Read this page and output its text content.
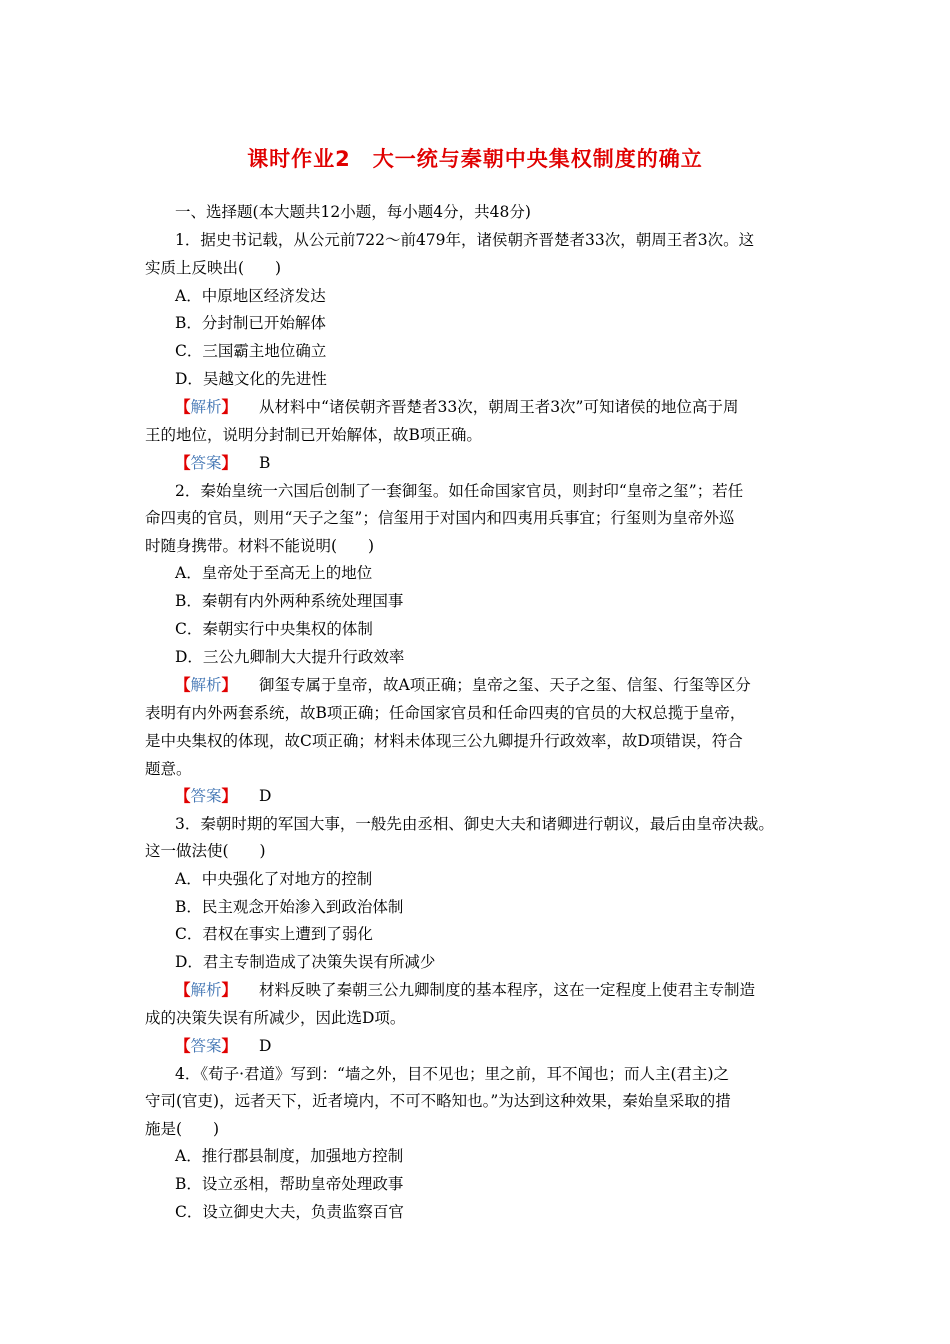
课时作业2　大一统与秦朝中央集权制度的确立
一、选择题(本大题共12小题，每小题4分，共48分)
1．据史书记载，从公元前722～前479年，诸侯朝齐晋楚者33次，朝周王者3次。这
实质上反映出(　　)
A．中原地区经济发达
B．分封制已开始解体
C．三国霸主地位确立
D．吴越文化的先进性
【解析】 从材料中“诸侯朝齐晋楚者33次，朝周王者3次”可知诸侯的地位高于周
王的地位，说明分封制已开始解体，故B项正确。
【答案】 B
2．秦始皇统一六国后创制了一套御玺。如任命国家官员，则封印“皇帝之玺”；若任
命四夷的官员，则用“天子之玺”；信玺用于对国内和四夷用兵事宜；行玺则为皇帝外巡
时随身携带。材料不能说明(　　)
A．皇帝处于至高无上的地位
B．秦朝有内外两种系统处理国事
C．秦朝实行中央集权的体制
D．三公九卿制大大提升行政效率
【解析】 御玺专属于皇帝，故A项正确；皇帝之玺、天子之玺、信玺、行玺等区分
表明有内外两套系统，故B项正确；任命国家官员和任命四夷的官员的大权总揽于皇帝，
是中央集权的体现，故C项正确；材料未体现三公九卿提升行政效率，故D项错误，符合
题意。
【答案】 D
3．秦朝时期的军国大事，一般先由丞相、御史大夫和诸卿进行朝议，最后由皇帝决裁。
这一做法使(　　)
A．中央强化了对地方的控制
B．民主观念开始渗入到政治体制
C．君权在事实上遭到了弱化
D．君主专制造成了决策失误有所减少
【解析】 材料反映了秦朝三公九卿制度的基本程序，这在一定程度上使君主专制造
成的决策失误有所减少，因此选D项。
【答案】 D
4．《荀子·君道》写到：“墙之外，目不见也；里之前，耳不闻也；而人主(君主)之
守司(官吏)，远者天下，近者境内，不可不略知也。”为达到这种效果，秦始皇采取的措
施是(　　)
A．推行郡县制度，加强地方控制
B．设立丞相，帮助皇帝处理政事
C．设立御史大夫，负责监察百官
